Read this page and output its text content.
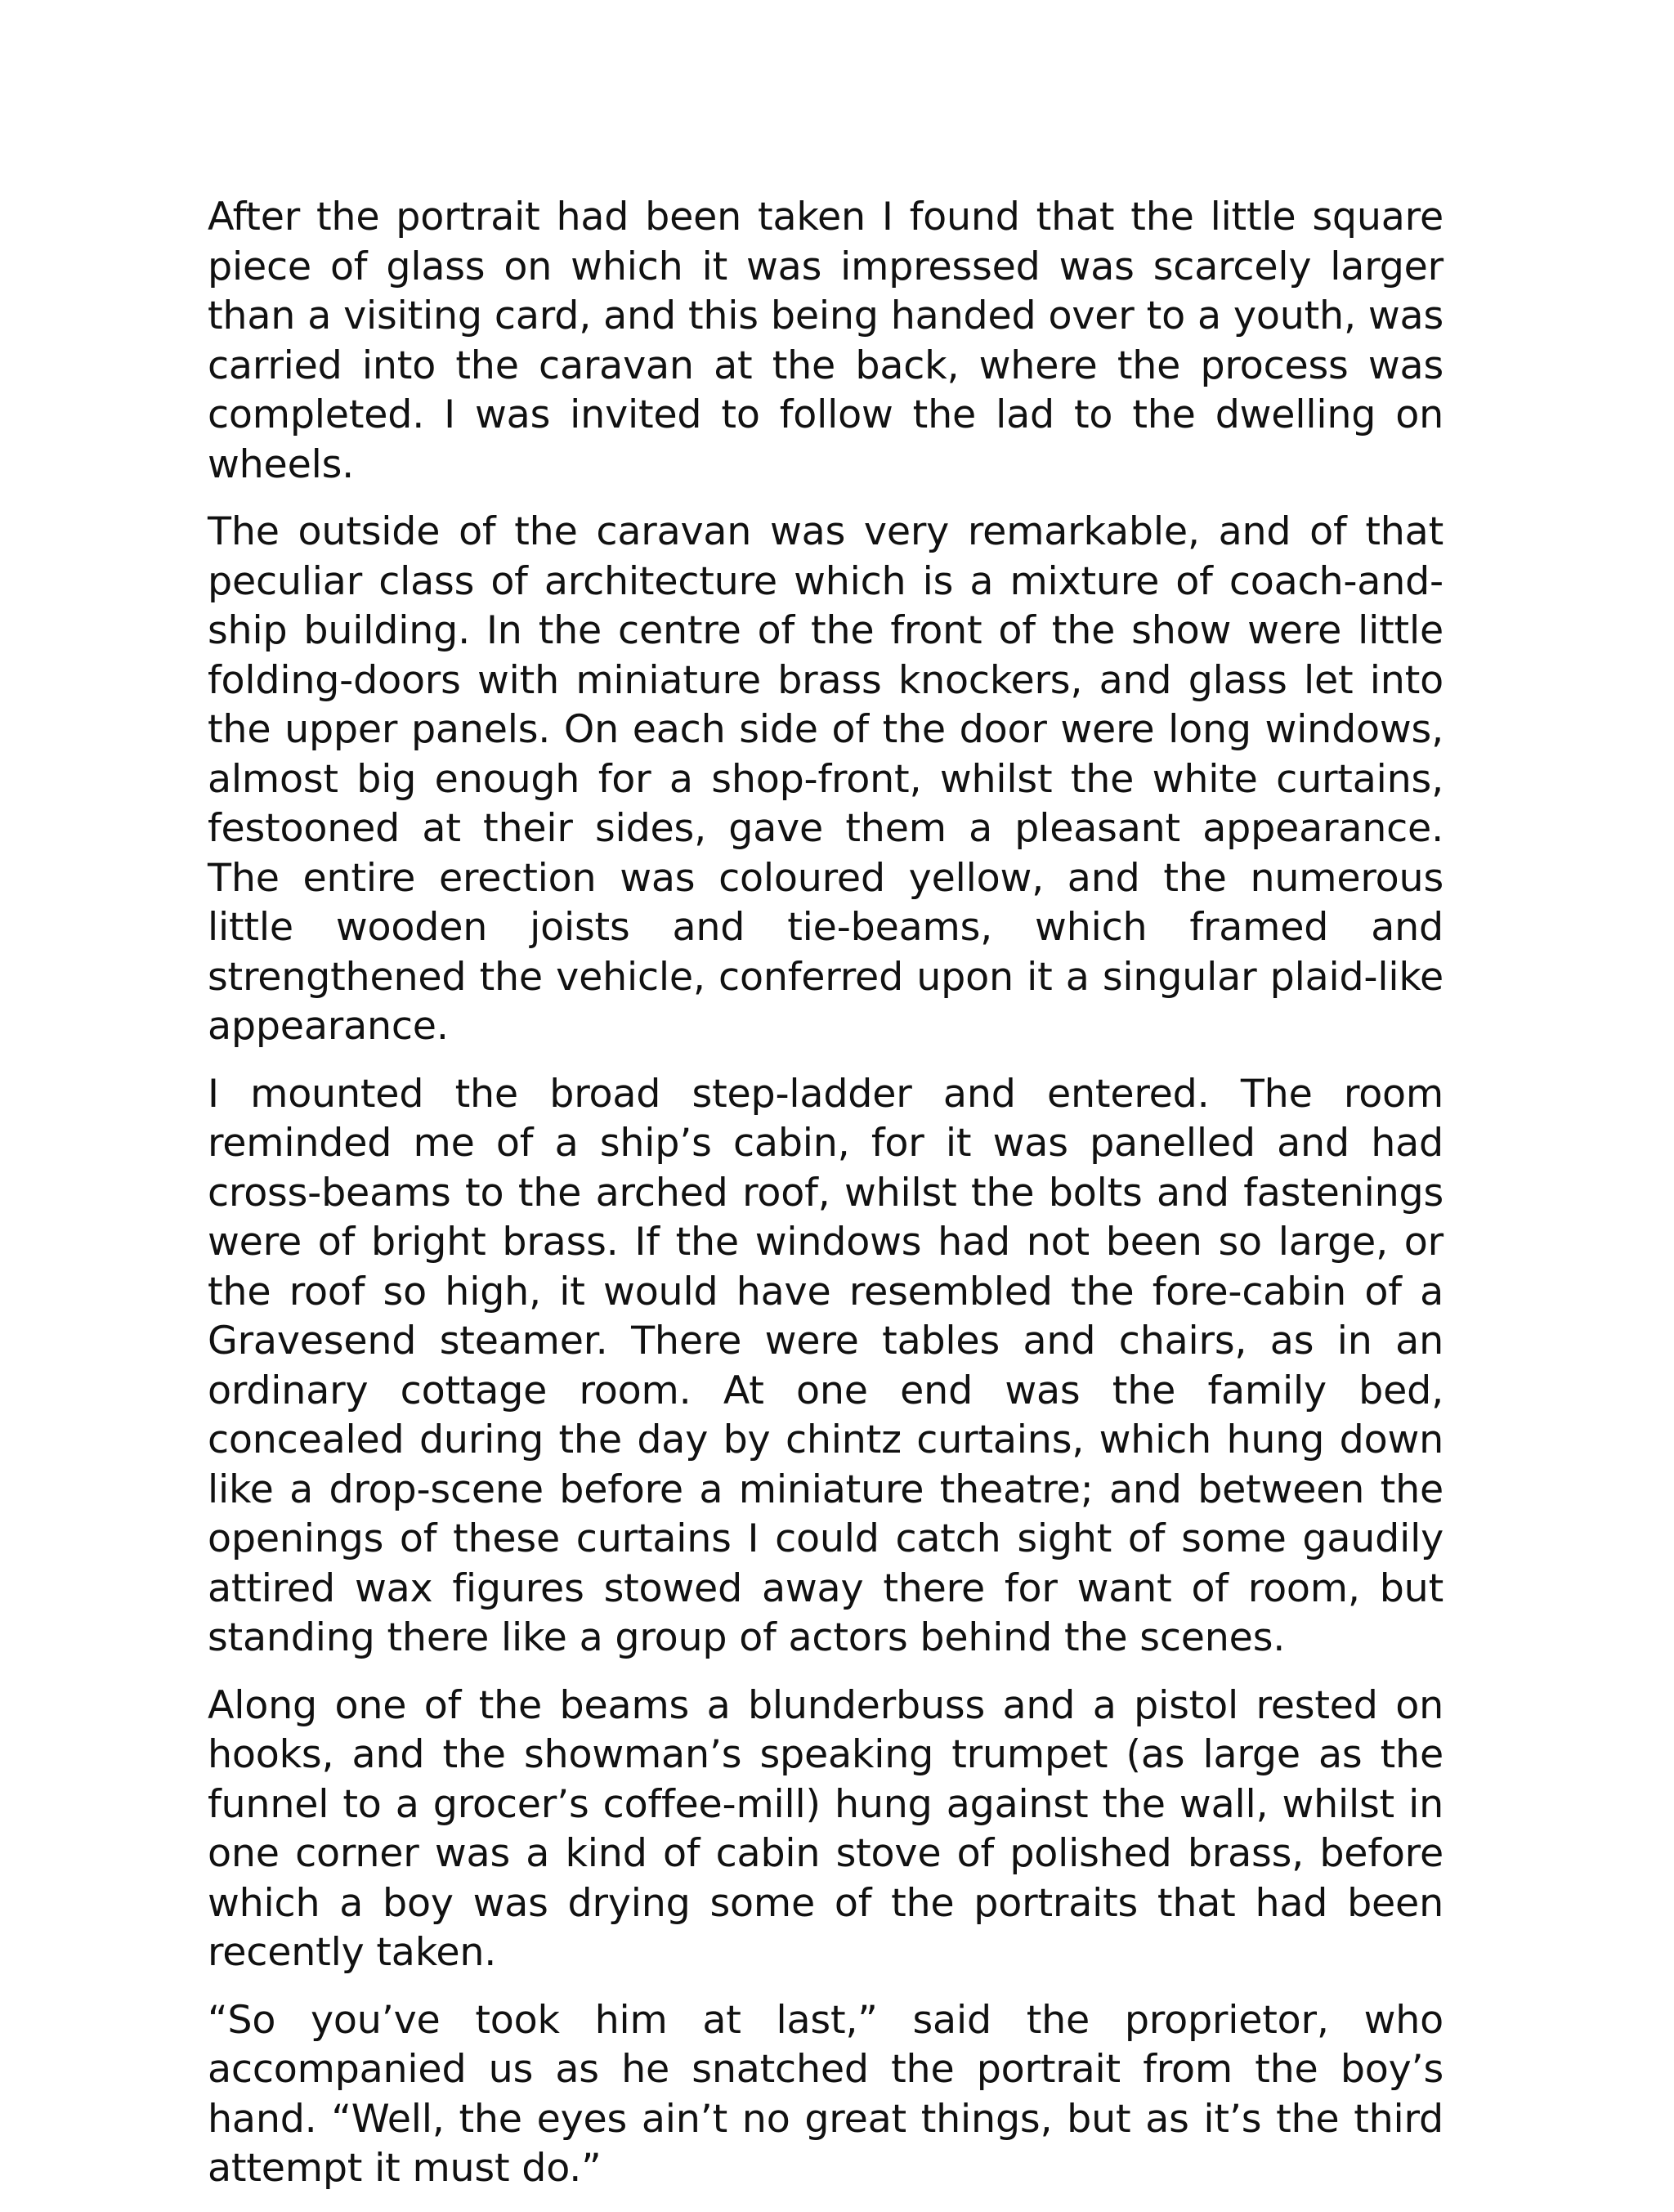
After the portrait had been taken I found that the little square piece of glass on which it was impressed was scarcely larger than a visiting card, and this being handed over to a youth, was carried into the caravan at the back, where the process was completed. I was invited to follow the lad to the dwelling on wheels.

The outside of the caravan was very remarkable, and of that peculiar class of architecture which is a mixture of coach-and-ship building. In the centre of the front of the show were little folding-doors with miniature brass knockers, and glass let into the upper panels. On each side of the door were long windows, almost big enough for a shop-front, whilst the white curtains, festooned at their sides, gave them a pleasant appearance. The entire erection was coloured yellow, and the numerous little wooden joists and tie-beams, which framed and strengthened the vehicle, conferred upon it a singular plaid-like appearance.

I mounted the broad step-ladder and entered. The room reminded me of a ship’s cabin, for it was panelled and had cross-beams to the arched roof, whilst the bolts and fastenings were of bright brass. If the windows had not been so large, or the roof so high, it would have resembled the fore-cabin of a Gravesend steamer. There were tables and chairs, as in an ordinary cottage room. At one end was the family bed, concealed during the day by chintz curtains, which hung down like a drop-scene before a miniature theatre; and between the openings of these curtains I could catch sight of some gaudily attired wax figures stowed away there for want of room, but standing there like a group of actors behind the scenes.

Along one of the beams a blunderbuss and a pistol rested on hooks, and the showman’s speaking trumpet (as large as the funnel to a grocer’s coffee-mill) hung against the wall, whilst in one corner was a kind of cabin stove of polished brass, before which a boy was drying some of the portraits that had been recently taken.

“So you’ve took him at last,” said the proprietor, who accompanied us as he snatched the portrait from the boy’s hand. “Well, the eyes ain’t no great things, but as it’s the third attempt it must do.”
